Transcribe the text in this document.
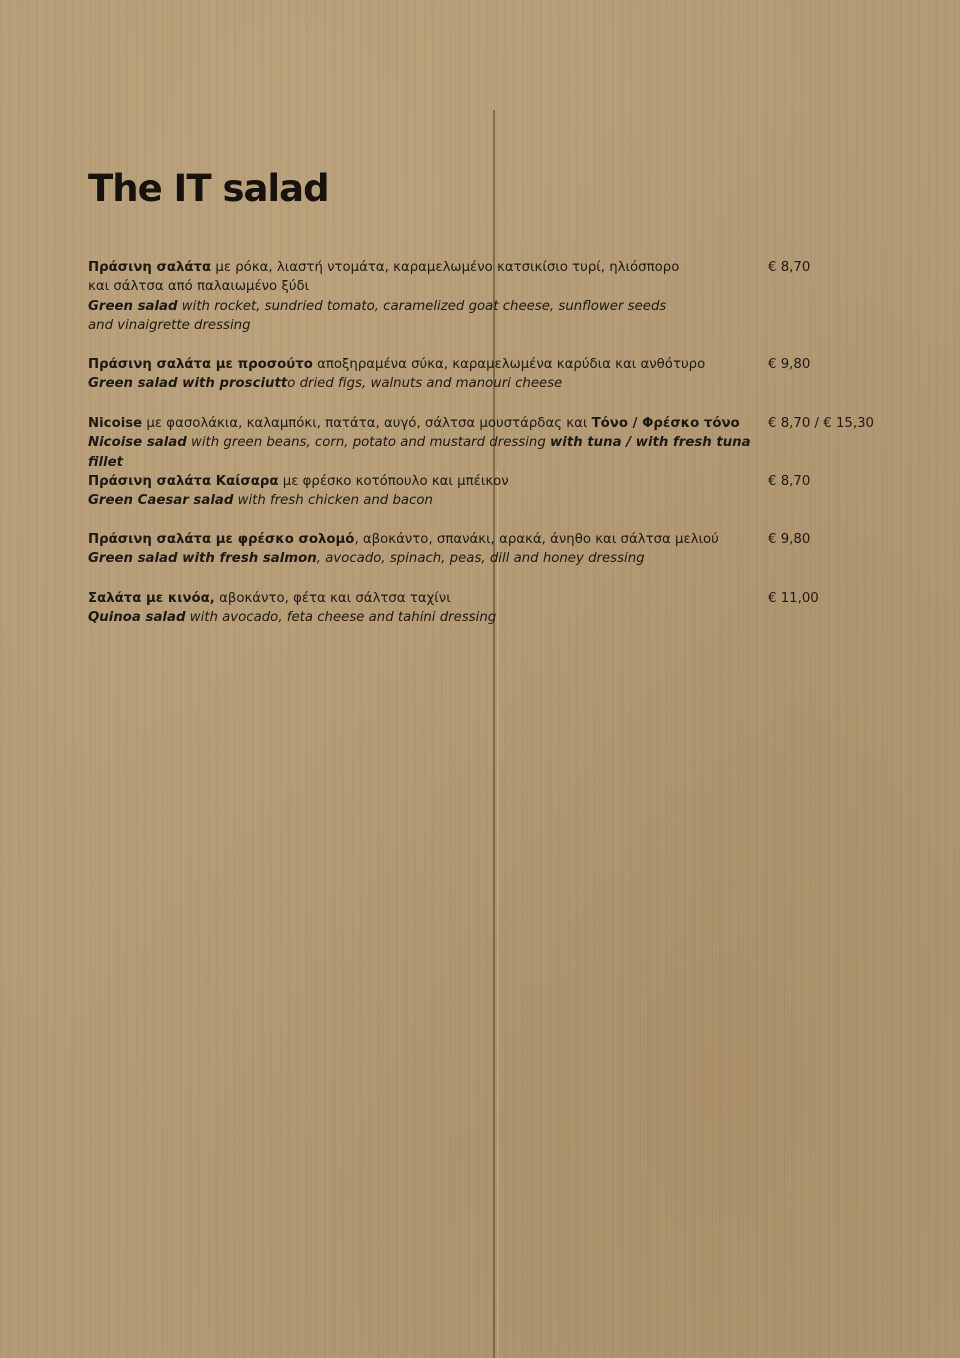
The IT salad

Πράσινη σαλάτα με ρόκα, λιαστή ντομάτα, καραμελωμένο κατσικίσιο τυρί, ηλιόσπορο

και σάλτσα από παλαιωμένο ξύδι

Green salad with rocket, sundried tomato, caramelized goat cheese, sunflower seeds

and vinaigrette dressing

€ 8,70

Πράσινη σαλάτα με προσούτο αποξηραμένα σύκα, καραμελωμένα καρύδια και ανθότυρο

Green salad with prosciutto dried figs, walnuts and manouri cheese

€ 9,80

Nicoise με φασολάκια, καλαμπόκι, πατάτα, αυγό, σάλτσα μουστάρδας και Τόνο / Φρέσκο τόνο

Nicoise salad with green beans, corn, potato and mustard dressing with tuna / with fresh tuna fillet

€ 8,70 / € 15,30

Πράσινη σαλάτα Καίσαρα με φρέσκο κοτόπουλο και μπέικον

Green Caesar salad with fresh chicken and bacon

€ 8,70

Πράσινη σαλάτα με φρέσκο σολομό, αβοκάντο, σπανάκι, αρακά, άνηθο και σάλτσα μελιού

Green salad with fresh salmon, avocado, spinach, peas, dill and honey dressing

€ 9,80

Σαλάτα με κινόα, αβοκάντο, φέτα και σάλτσα ταχίνι

Quinoa salad with avocado, feta cheese and tahini dressing

€ 11,00
